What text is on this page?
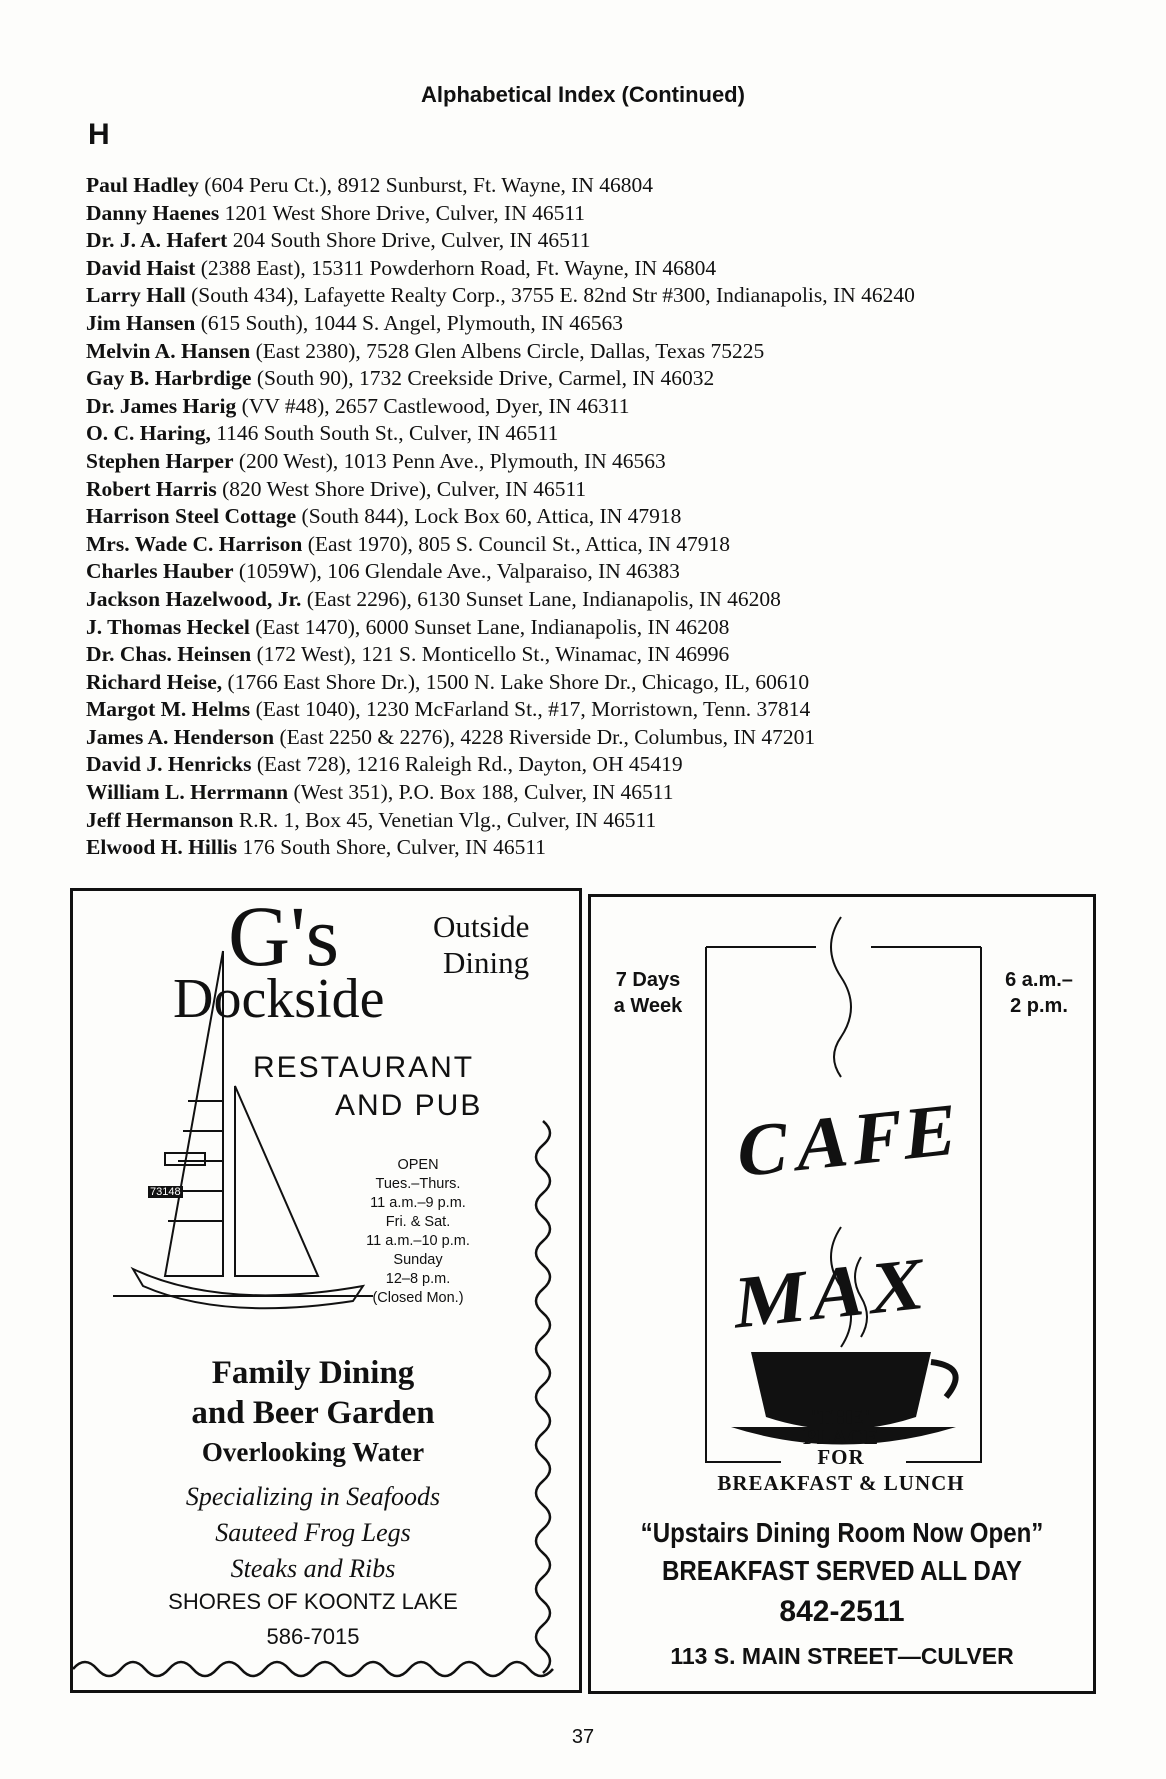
Alphabetical Index (Continued)
H
Paul Hadley (604 Peru Ct.), 8912 Sunburst, Ft. Wayne, IN 46804
Danny Haenes 1201 West Shore Drive, Culver, IN 46511
Dr. J. A. Hafert 204 South Shore Drive, Culver, IN 46511
David Haist (2388 East), 15311 Powderhorn Road, Ft. Wayne, IN 46804
Larry Hall (South 434), Lafayette Realty Corp., 3755 E. 82nd Str #300, Indianapolis, IN 46240
Jim Hansen (615 South), 1044 S. Angel, Plymouth, IN 46563
Melvin A. Hansen (East 2380), 7528 Glen Albens Circle, Dallas, Texas 75225
Gay B. Harbrdige (South 90), 1732 Creekside Drive, Carmel, IN 46032
Dr. James Harig (VV #48), 2657 Castlewood, Dyer, IN 46311
O. C. Haring, 1146 South South St., Culver, IN 46511
Stephen Harper (200 West), 1013 Penn Ave., Plymouth, IN 46563
Robert Harris (820 West Shore Drive), Culver, IN 46511
Harrison Steel Cottage (South 844), Lock Box 60, Attica, IN 47918
Mrs. Wade C. Harrison (East 1970), 805 S. Council St., Attica, IN 47918
Charles Hauber (1059W), 106 Glendale Ave., Valparaiso, IN 46383
Jackson Hazelwood, Jr. (East 2296), 6130 Sunset Lane, Indianapolis, IN 46208
J. Thomas Heckel (East 1470), 6000 Sunset Lane, Indianapolis, IN 46208
Dr. Chas. Heinsen (172 West), 121 S. Monticello St., Winamac, IN 46996
Richard Heise, (1766 East Shore Dr.), 1500 N. Lake Shore Dr., Chicago, IL, 60610
Margot M. Helms (East 1040), 1230 McFarland St., #17, Morristown, Tenn. 37814
James A. Henderson (East 2250 & 2276), 4228 Riverside Dr., Columbus, IN 47201
David J. Henricks (East 728), 1216 Raleigh Rd., Dayton, OH 45419
William L. Herrmann (West 351), P.O. Box 188, Culver, IN 46511
Jeff Hermanson R.R. 1, Box 45, Venetian Vlg., Culver, IN 46511
Elwood H. Hillis 176 South Shore, Culver, IN 46511
G's
Dockside
Outside
Dining
RESTAURANT
AND PUB
OPEN
Tues.–Thurs.
11 a.m.–9 p.m.
Fri. & Sat.
11 a.m.–10 p.m.
Sunday
12–8 p.m.
(Closed Mon.)
Family Dining
and Beer Garden
Overlooking Water
Specializing in Seafoods
Sauteed Frog Legs
Steaks and Ribs
SHORES OF KOONTZ LAKE
586-7015
73148
7 Days
a Week
6 a.m.–
2 p.m.
CAFE MAX
'THE'
PLACE
FOR
BREAKFAST & LUNCH
“Upstairs Dining Room Now Open”
BREAKFAST SERVED ALL DAY
842-2511
113 S. MAIN STREET—CULVER
37
